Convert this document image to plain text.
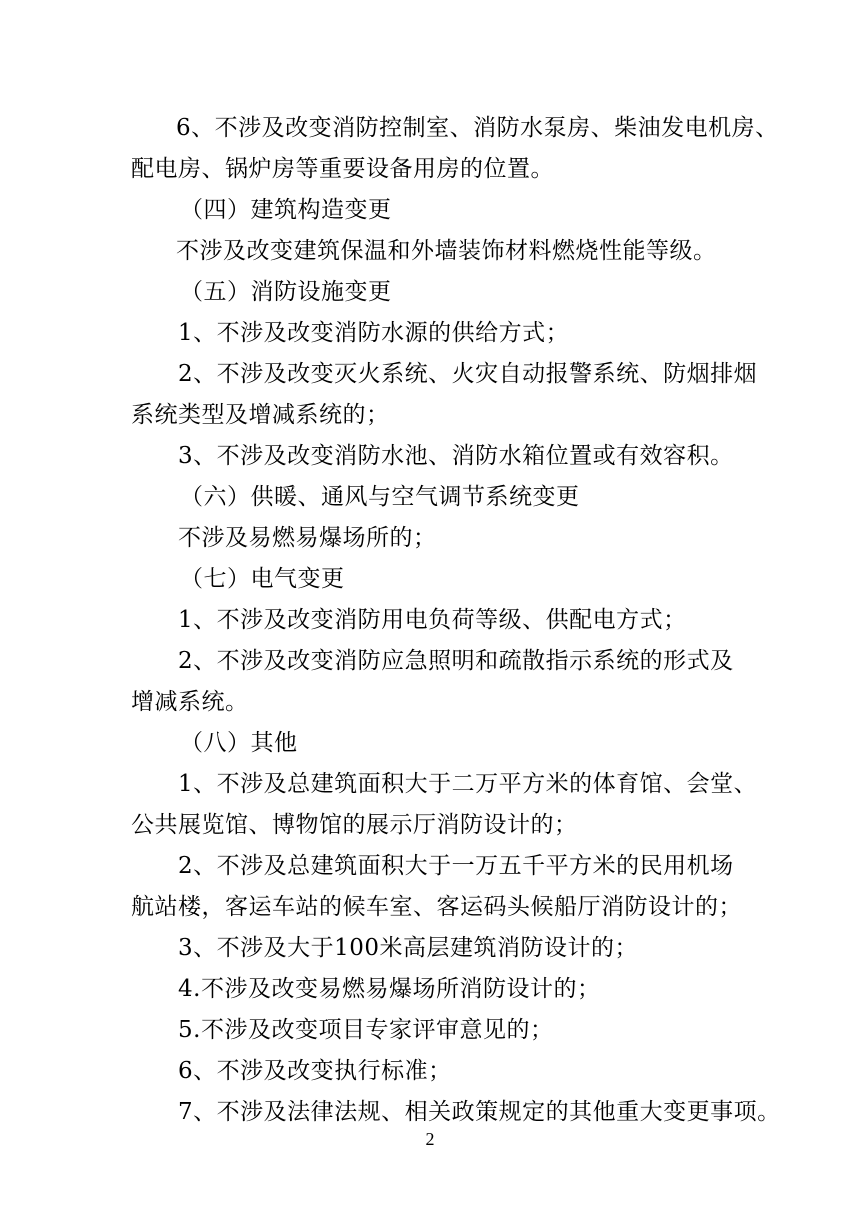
6、不涉及改变消防控制室、消防水泵房、柴油发电机房、
配电房、锅炉房等重要设备用房的位置。
（四）建筑构造变更
不涉及改变建筑保温和外墙装饰材料燃烧性能等级。
（五）消防设施变更
1、不涉及改变消防水源的供给方式；
2、不涉及改变灭火系统、火灾自动报警系统、防烟排烟
系统类型及增减系统的；
3、不涉及改变消防水池、消防水箱位置或有效容积。
（六）供暖、通风与空气调节系统变更
不涉及易燃易爆场所的；
（七）电气变更
1、不涉及改变消防用电负荷等级、供配电方式；
2、不涉及改变消防应急照明和疏散指示系统的形式及
增减系统。
（八）其他
1、不涉及总建筑面积大于二万平方米的体育馆、会堂、
公共展览馆、博物馆的展示厅消防设计的；
2、不涉及总建筑面积大于一万五千平方米的民用机场
航站楼，客运车站的候车室、客运码头候船厅消防设计的；
3、不涉及大于100米高层建筑消防设计的；
4.不涉及改变易燃易爆场所消防设计的；
5.不涉及改变项目专家评审意见的；
6、不涉及改变执行标准；
7、不涉及法律法规、相关政策规定的其他重大变更事项。
2
